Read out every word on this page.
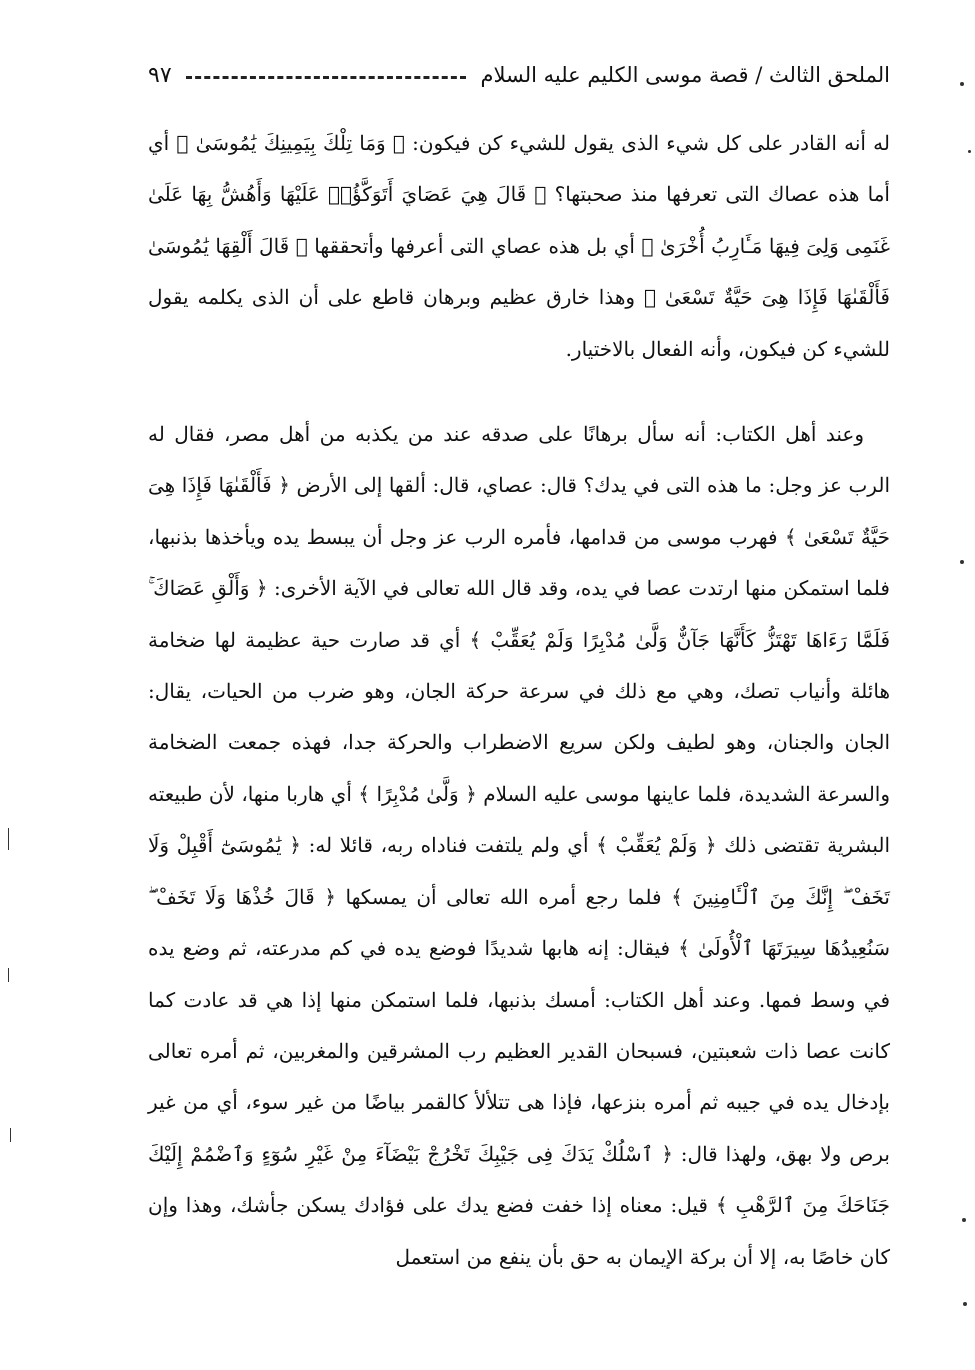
الملحق الثالث / قصة موسى الكليم عليه السلام
٩٧

له أنه القادر على كل شيء الذى يقول للشيء كن فيكون: ﴿ وَمَا تِلْكَ بِيَمِينِكَ يَٰمُوسَىٰ ﴾ أي أما هذه عصاك التى تعرفها منذ صحبتها؟ ﴿ قَالَ هِيَ عَصَايَ أَتَوَكَّؤُا۟ عَلَيْهَا وَأَهُشُّ بِهَا عَلَىٰ غَنَمِى وَلِىَ فِيهَا مَـَٔارِبُ أُخْرَىٰ ﴾ أي بل هذه عصاي التى أعرفها وأتحققها ﴿ قَالَ أَلْقِهَا يَٰمُوسَىٰ فَأَلْقَىٰهَا فَإِذَا هِىَ حَيَّةٌ تَسْعَىٰ ﴾ وهذا خارق عظيم وبرهان قاطع على أن الذى يكلمه يقول للشيء كن فيكون، وأنه الفعال بالاختيار.

وعند أهل الكتاب: أنه سأل برهانًا على صدقه عند من يكذبه من أهل مصر، فقال له الرب عز وجل: ما هذه التى في يدك؟ قال: عصاي، قال: ألقها إلى الأرض ﴿ فَأَلْقَىٰهَا فَإِذَا هِىَ حَيَّةٌ تَسْعَىٰ ﴾ فهرب موسى من قدامها، فأمره الرب عز وجل أن يبسط يده ويأخذها بذنبها، فلما استمكن منها ارتدت عصا في يده، وقد قال الله تعالى في الآية الأخرى: ﴿ وَأَلْقِ عَصَاكَ ۚ فَلَمَّا رَءَاهَا تَهْتَزُّ كَأَنَّهَا جَآنٌّ وَلَّىٰ مُدْبِرًا وَلَمْ يُعَقِّبْ ﴾ أي قد صارت حية عظيمة لها ضخامة هائلة وأنياب تصك، وهي مع ذلك في سرعة حركة الجان، وهو ضرب من الحيات، يقال: الجان والجنان، وهو لطيف ولكن سريع الاضطراب والحركة جدا، فهذه جمعت الضخامة والسرعة الشديدة، فلما عاينها موسى عليه السلام ﴿ وَلَّىٰ مُدْبِرًا ﴾ أي هاربا منها، لأن طبيعته البشرية تقتضى ذلك ﴿ وَلَمْ يُعَقِّبْ ﴾ أي ولم يلتفت فناداه ربه، قائلا له: ﴿ يَٰمُوسَىٰٓ أَقْبِلْ وَلَا تَخَفْ ۖ إِنَّكَ مِنَ ٱلْـَٔامِنِينَ ﴾ فلما رجع أمره الله تعالى أن يمسكها ﴿ قَالَ خُذْهَا وَلَا تَخَفْ ۖ سَنُعِيدُهَا سِيرَتَهَا ٱلْأُولَىٰ ﴾ فيقال: إنه هابها شديدًا فوضع يده في كم مدرعته، ثم وضع يده في وسط فمها. وعند أهل الكتاب: أمسك بذنبها، فلما استمكن منها إذا هي قد عادت كما كانت عصا ذات شعبتين، فسبحان القدير العظيم رب المشرقين والمغربين، ثم أمره تعالى بإدخال يده في جيبه ثم أمره بنزعها، فإذا هى تتلألأ كالقمر بياضًا من غير سوء، أي من غير برص ولا بهق، ولهذا قال: ﴿ ٱسْلُكْ يَدَكَ فِى جَيْبِكَ تَخْرُجْ بَيْضَآءَ مِنْ غَيْرِ سُوٓءٍ وَٱضْمُمْ إِلَيْكَ جَنَاحَكَ مِنَ ٱلرَّهْبِ ﴾ قيل: معناه إذا خفت فضع يدك على فؤادك يسكن جأشك، وهذا وإن كان خاصًا به، إلا أن بركة الإيمان به حق بأن ينفع من استعمل
